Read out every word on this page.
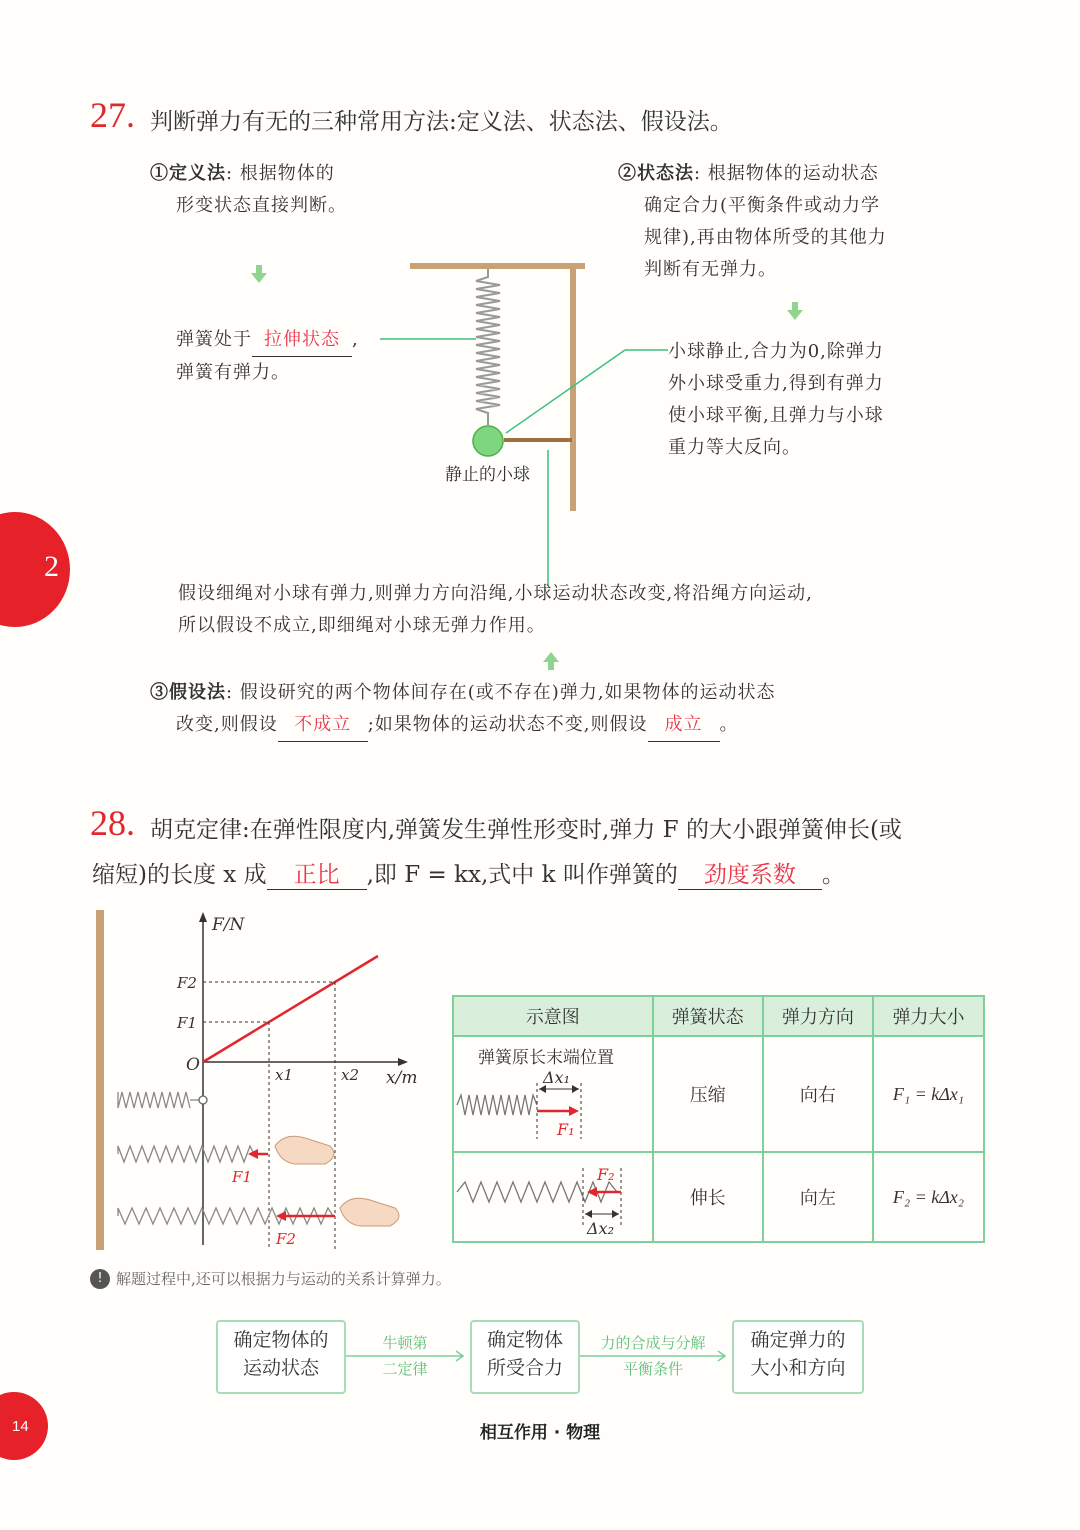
2
14
27. 判断弹力有无的三种常用方法:定义法、状态法、假设法。
①定义法: 根据物体的
形变状态直接判断。
弹簧处于 拉伸状态 ,
弹簧有弹力。
②状态法: 根据物体的运动状态
确定合力(平衡条件或动力学
规律),再由物体所受的其他力
判断有无弹力。
小球静止,合力为0,除弹力
外小球受重力,得到有弹力
使小球平衡,且弹力与小球
重力等大反向。
静止的小球
假设细绳对小球有弹力,则弹力方向沿绳,小球运动状态改变,将沿绳方向运动,
所以假设不成立,即细绳对小球无弹力作用。
③假设法: 假设研究的两个物体间存在(或不存在)弹力,如果物体的运动状态
改变,则假设 不成立 ;如果物体的运动状态不变,则假设 成立 。
28. 胡克定律:在弹性限度内,弹簧发生弹性形变时,弹力 F 的大小跟弹簧伸长(或
缩短)的长度 x 成 正比 ,即 F = kx,式中 k 叫作弹簧的 劲度系数 。
F/N
x/m
O	x1
F1
x2
F2
F1
F2
示意图	弹簧状态	弹力方向	弹力大小

弹簧原长末端位置
Δx₁
F₁	压缩	向右	F₁ = kΔx₁

F₂
Δx₂	伸长	向左	F₂ = kΔx₂
! 解题过程中,还可以根据力与运动的关系计算弹力。
确定物体的
运动状态
牛顿第
二定律
确定物体
所受合力
力的合成与分解
平衡条件
确定弹力的
大小和方向
相互作用 · 物理
